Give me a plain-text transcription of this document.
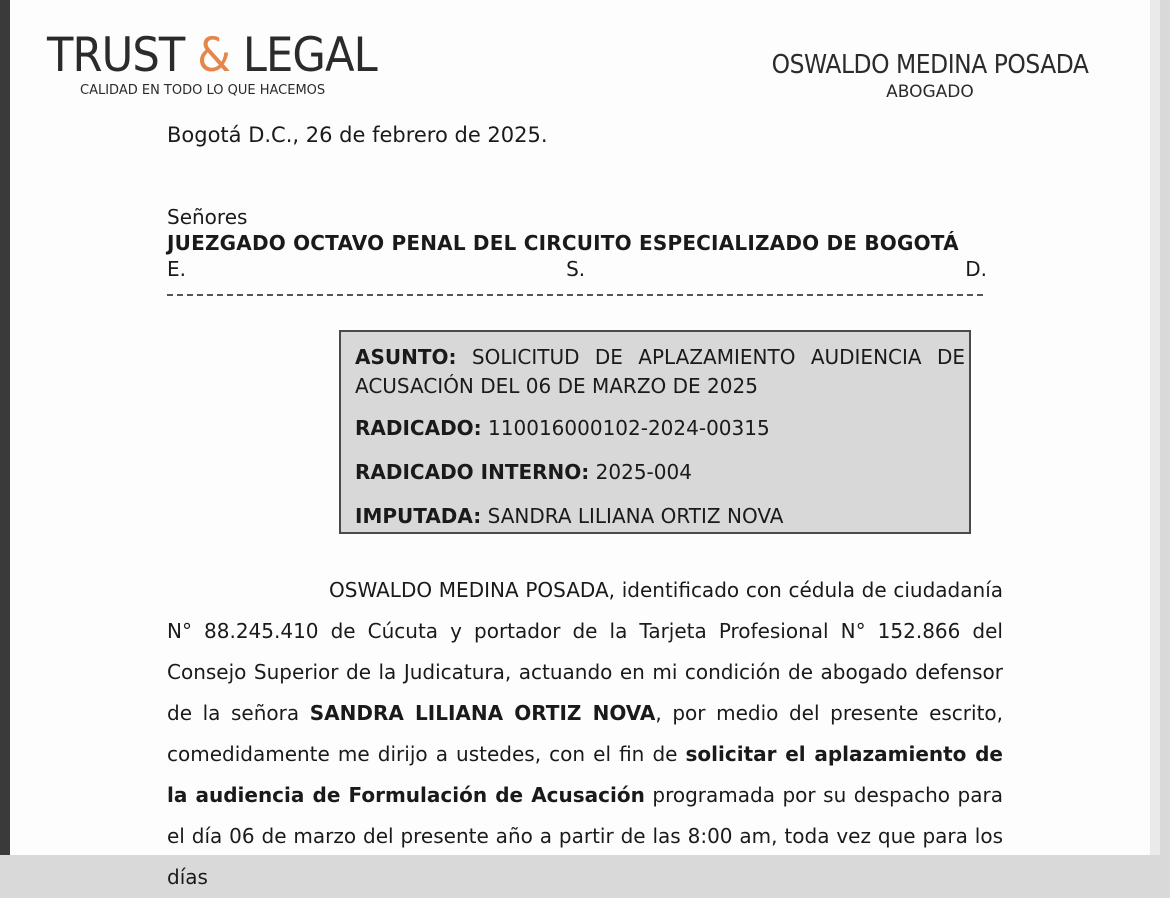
TRUST & LEGAL
CALIDAD EN TODO LO QUE HACEMOS
OSWALDO MEDINA POSADA
ABOGADO
Bogotá D.C., 26 de febrero de 2025.
Señores
JUEZGADO OCTAVO PENAL DEL CIRCUITO ESPECIALIZADO DE BOGOTÁ
E.	S.	D.
ASUNTO: SOLICITUD DE APLAZAMIENTO AUDIENCIA DE ACUSACIÓN DEL 06 DE MARZO DE 2025
RADICADO: 110016000102-2024-00315
RADICADO INTERNO: 2025-004
IMPUTADA: SANDRA LILIANA ORTIZ NOVA
OSWALDO MEDINA POSADA, identificado con cédula de ciudadanía N° 88.245.410 de Cúcuta y portador de la Tarjeta Profesional N° 152.866 del Consejo Superior de la Judicatura, actuando en mi condición de abogado defensor de la señora SANDRA LILIANA ORTIZ NOVA, por medio del presente escrito, comedidamente me dirijo a ustedes, con el fin de solicitar el aplazamiento de la audiencia de Formulación de Acusación programada por su despacho para el día 06 de marzo del presente año a partir de las 8:00 am, toda vez que para los días
